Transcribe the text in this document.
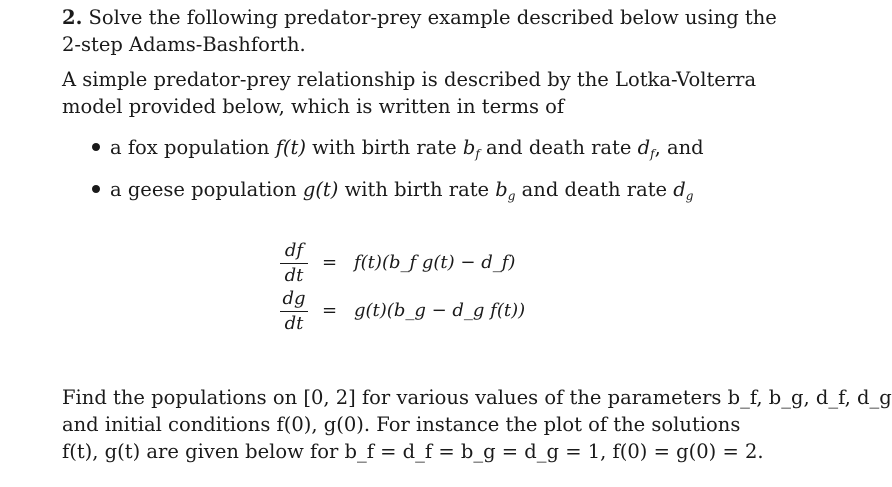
2. Solve the following predator-prey example described below using the
2-step Adams-Bashforth.
A simple predator-prey relationship is described by the Lotka-Volterra
model provided below, which is written in terms of
a fox population f(t) with birth rate $b_f$ and death rate $d_f$, and
a geese population g(t) with birth rate $b_g$ and death rate $d_g$
df
dt
= f(t)(b_f g(t) − d_f)
dg
dt
= g(t)(b_g − d_g f(t))
Find the populations on [0, 2] for various values of the parameters b_f, b_g, d_f, d_g
and initial conditions f(0), g(0). For instance the plot of the solutions
f(t), g(t) are given below for b_f = d_f = b_g = d_g = 1, f(0) = g(0) = 2.
